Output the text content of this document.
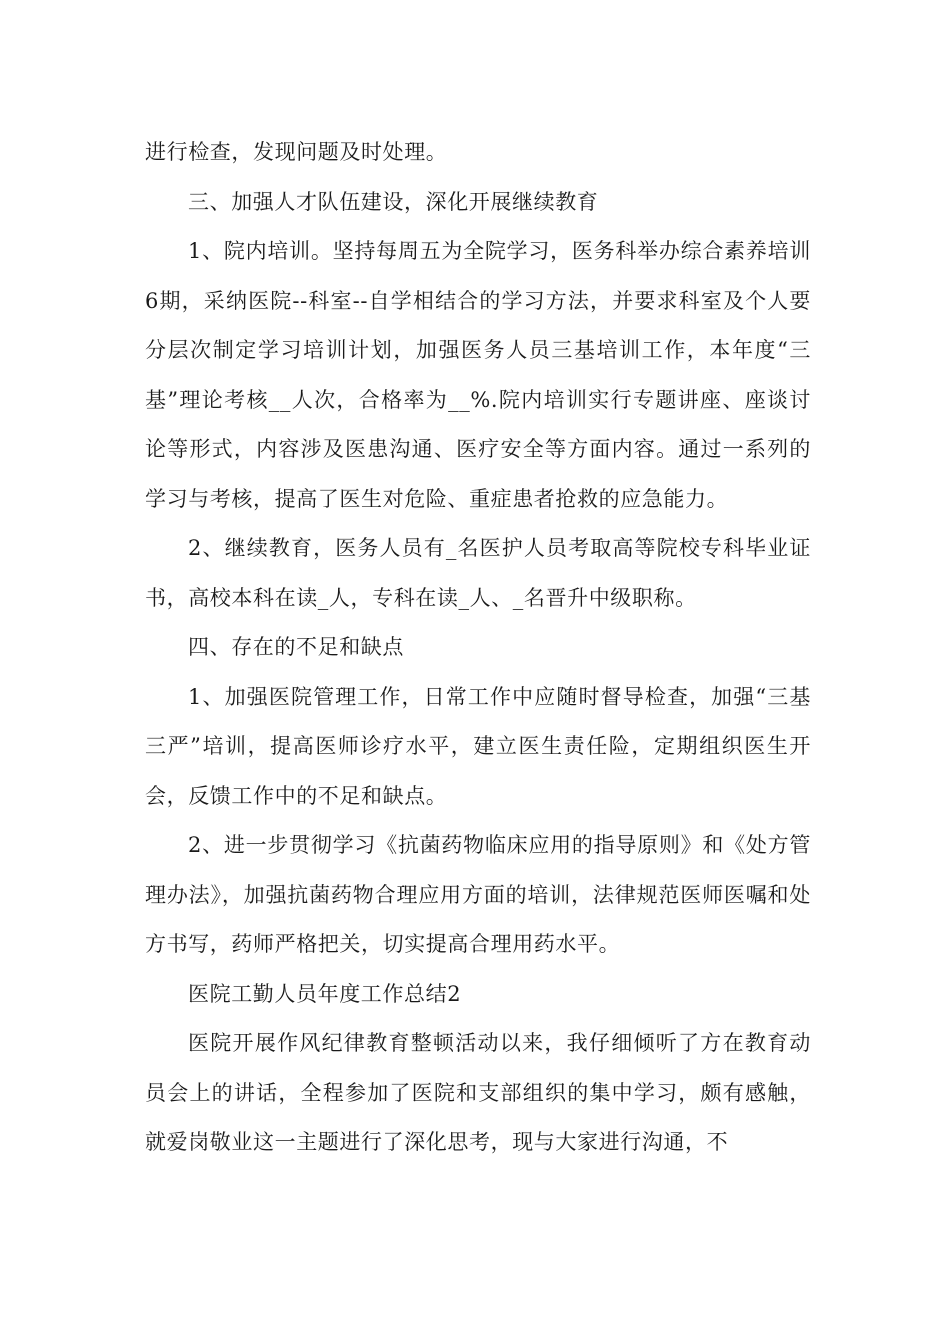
进行检查，发现问题及时处理。

三、加强人才队伍建设，深化开展继续教育

1、院内培训。坚持每周五为全院学习，医务科举办综合素养培训6期，采纳医院--科室--自学相结合的学习方法，并要求科室及个人要分层次制定学习培训计划，加强医务人员三基培训工作，本年度“三基”理论考核__人次，合格率为__%.院内培训实行专题讲座、座谈讨论等形式，内容涉及医患沟通、医疗安全等方面内容。通过一系列的学习与考核，提高了医生对危险、重症患者抢救的应急能力。

2、继续教育，医务人员有_名医护人员考取高等院校专科毕业证书，高校本科在读_人，专科在读_人、_名晋升中级职称。

四、存在的不足和缺点

1、加强医院管理工作，日常工作中应随时督导检查，加强“三基三严”培训，提高医师诊疗水平，建立医生责任险，定期组织医生开会，反馈工作中的不足和缺点。

2、进一步贯彻学习《抗菌药物临床应用的指导原则》和《处方管理办法》，加强抗菌药物合理应用方面的培训，法律规范医师医嘱和处方书写，药师严格把关，切实提高合理用药水平。

医院工勤人员年度工作总结2

医院开展作风纪律教育整顿活动以来，我仔细倾听了方在教育动员会上的讲话，全程参加了医院和支部组织的集中学习，颇有感触，就爱岗敬业这一主题进行了深化思考，现与大家进行沟通，不
